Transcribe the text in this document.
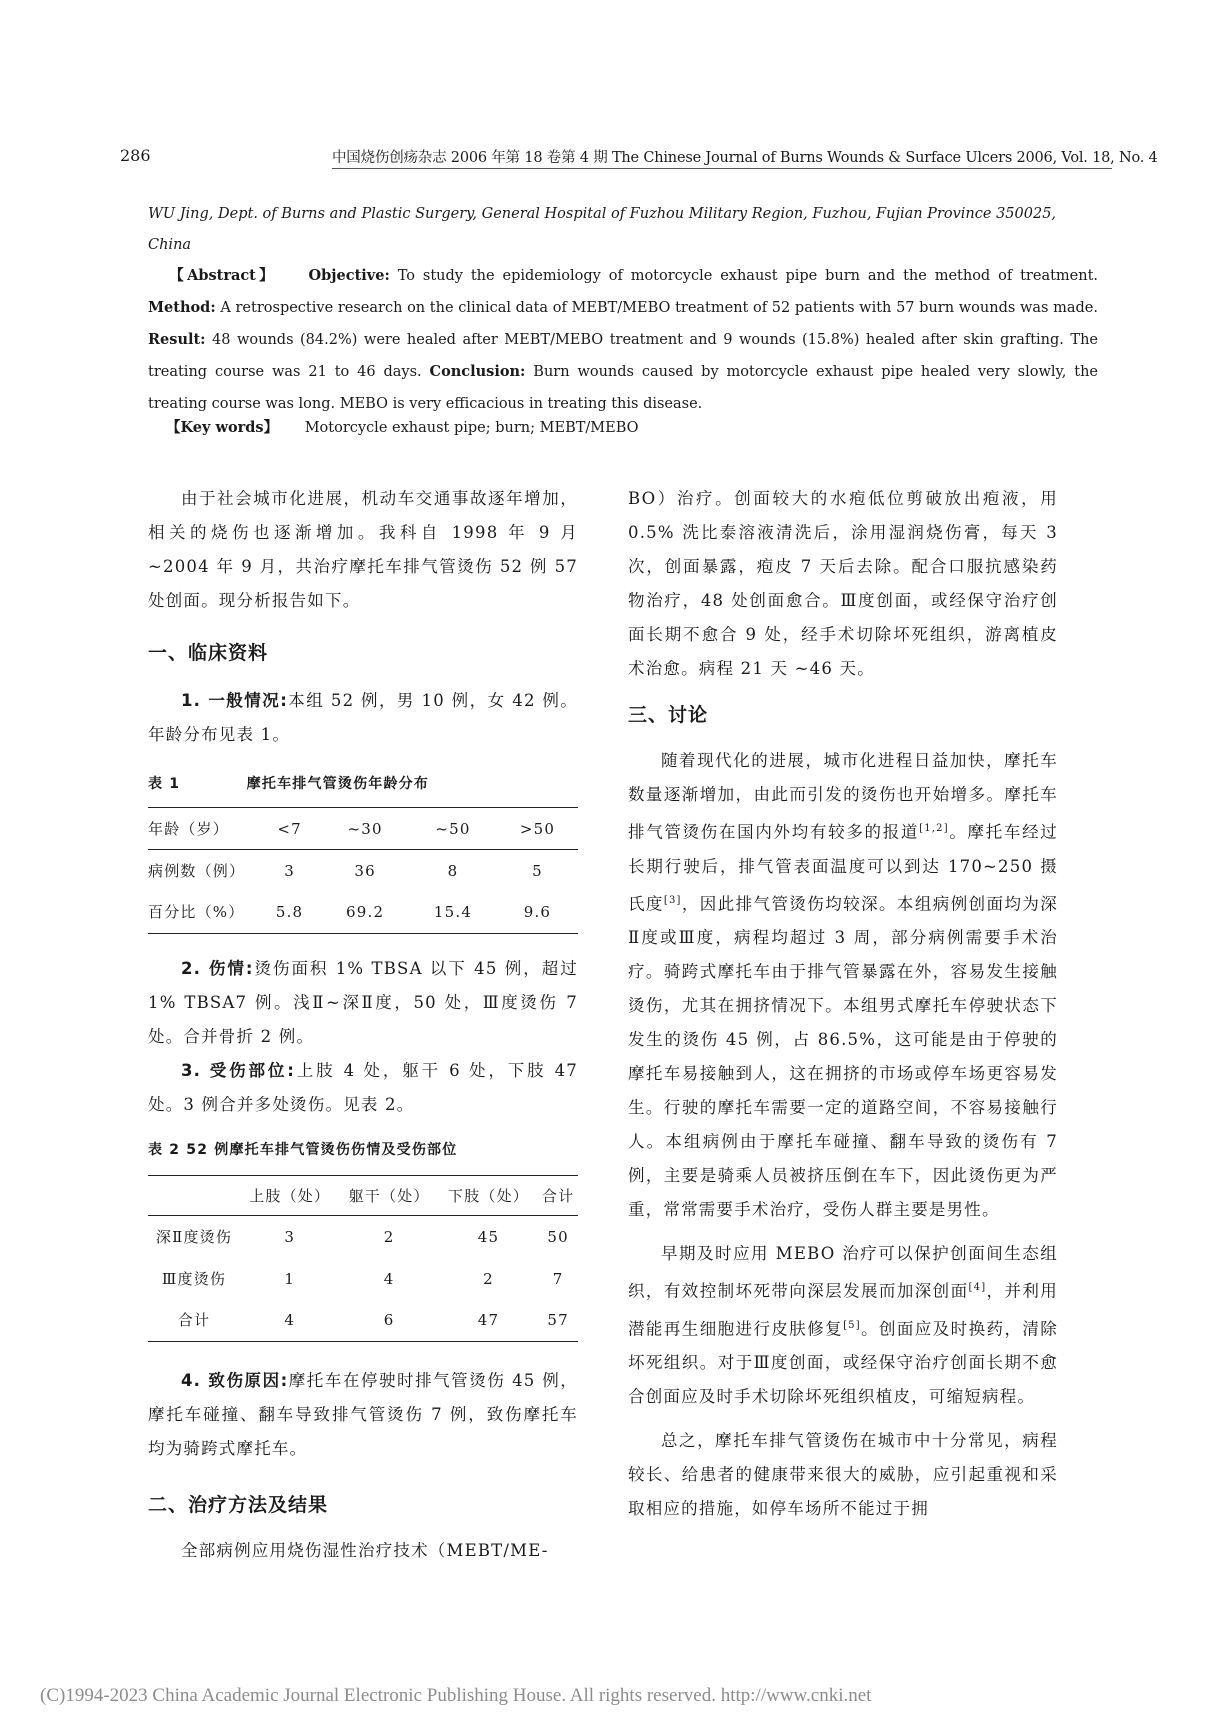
286	中国烧伤创疡杂志 2006 年第 18 卷第 4 期 The Chinese Journal of Burns Wounds & Surface Ulcers 2006, Vol. 18, No. 4
WU Jing, Dept. of Burns and Plastic Surgery, General Hospital of Fuzhou Military Region, Fuzhou, Fujian Province 350025,
China
【Abstract】 Objective: To study the epidemiology of motorcycle exhaust pipe burn and the method of treatment. Method: A retrospective research on the clinical data of MEBT/MEBO treatment of 52 patients with 57 burn wounds was made. Result: 48 wounds (84.2%) were healed after MEBT/MEBO treatment and 9 wounds (15.8%) healed after skin grafting. The treating course was 21 to 46 days. Conclusion: Burn wounds caused by motorcycle exhaust pipe healed very slowly, the treating course was long. MEBO is very efficacious in treating this disease.
【Key words】 Motorcycle exhaust pipe; burn; MEBT/MEBO

由于社会城市化进展，机动车交通事故逐年增加，相关的烧伤也逐渐增加。我科自 1998 年 9 月 ~2004 年 9 月，共治疗摩托车排气管烫伤 52 例 57 处创面。现分析报告如下。

一、临床资料

1. 一般情况:本组 52 例，男 10 例，女 42 例。年龄分布见表 1。

表 1	摩托车排气管烫伤年龄分布
年龄（岁）	<7	~30	~50	>50
病例数（例）	3	36	8	5
百分比（%）	5.8	69.2	15.4	9.6

2. 伤情:烫伤面积 1% TBSA 以下 45 例，超过 1% TBSA7 例。浅Ⅱ~深Ⅱ度，50 处，Ⅲ度烫伤 7 处。合并骨折 2 例。

3. 受伤部位:上肢 4 处，躯干 6 处，下肢 47 处。3 例合并多处烫伤。见表 2。

表 2 52 例摩托车排气管烫伤伤情及受伤部位
	上肢（处）	躯干（处）	下肢（处）	合计
深Ⅱ度烫伤	3	2	45	50
Ⅲ度烫伤	1	4	2	7
合计	4	6	47	57

4. 致伤原因:摩托车在停驶时排气管烫伤 45 例，摩托车碰撞、翻车导致排气管烫伤 7 例，致伤摩托车均为骑跨式摩托车。

二、治疗方法及结果

全部病例应用烧伤湿性治疗技术（MEBT/ME-

BO）治疗。创面较大的水疱低位剪破放出疱液，用 0.5% 洗比泰溶液清洗后，涂用湿润烧伤膏，每天 3 次，创面暴露，疱皮 7 天后去除。配合口服抗感染药物治疗，48 处创面愈合。Ⅲ度创面，或经保守治疗创面长期不愈合 9 处，经手术切除坏死组织，游离植皮术治愈。病程 21 天 ~46 天。

三、讨论

随着现代化的进展，城市化进程日益加快，摩托车数量逐渐增加，由此而引发的烫伤也开始增多。摩托车排气管烫伤在国内外均有较多的报道[1,2]。摩托车经过长期行驶后，排气管表面温度可以到达 170~250 摄氏度[3]，因此排气管烫伤均较深。本组病例创面均为深Ⅱ度或Ⅲ度，病程均超过 3 周，部分病例需要手术治疗。骑跨式摩托车由于排气管暴露在外，容易发生接触烫伤，尤其在拥挤情况下。本组男式摩托车停驶状态下发生的烫伤 45 例，占 86.5%，这可能是由于停驶的摩托车易接触到人，这在拥挤的市场或停车场更容易发生。行驶的摩托车需要一定的道路空间，不容易接触行人。本组病例由于摩托车碰撞、翻车导致的烫伤有 7 例，主要是骑乘人员被挤压倒在车下，因此烫伤更为严重，常常需要手术治疗，受伤人群主要是男性。

早期及时应用 MEBO 治疗可以保护创面间生态组织，有效控制坏死带向深层发展而加深创面[4]，并利用潜能再生细胞进行皮肤修复[5]。创面应及时换药，清除坏死组织。对于Ⅲ度创面，或经保守治疗创面长期不愈合创面应及时手术切除坏死组织植皮，可缩短病程。

总之，摩托车排气管烫伤在城市中十分常见，病程较长、给患者的健康带来很大的威胁，应引起重视和采取相应的措施，如停车场所不能过于拥

(C)1994-2023 China Academic Journal Electronic Publishing House. All rights reserved. http://www.cnki.net
